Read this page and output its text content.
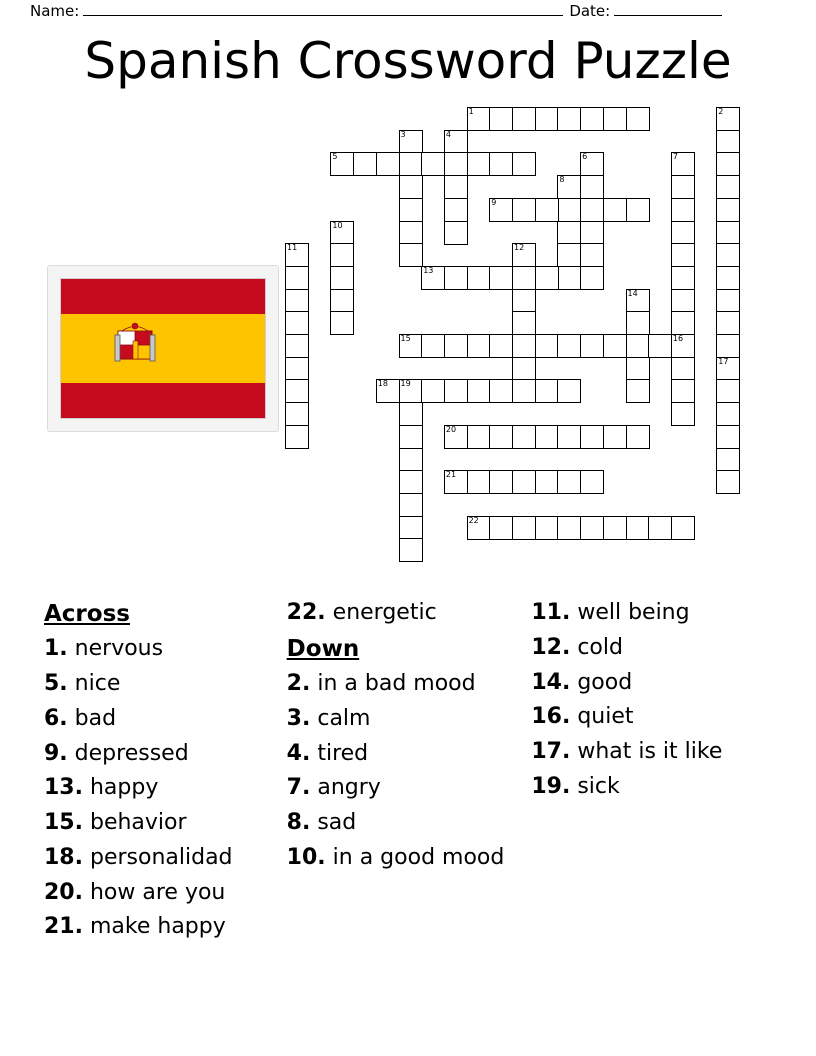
Name:	Date:
Spanish Crossword Puzzle
1	2
3	4
5	6	7
16
8
9
10
11	12
13
14
15
17
18 19
20
21
22
Across
1. nervous
5. nice
6. bad
9. depressed
13. happy
15. behavior
18. personalidad
20. how are you
21. make happy
22. energetic
Down
2. in a bad mood
3. calm
4. tired
7. angry
8. sad
10. in a good mood
11. well being
12. cold
14. good
16. quiet
17. what is it like
19. sick
